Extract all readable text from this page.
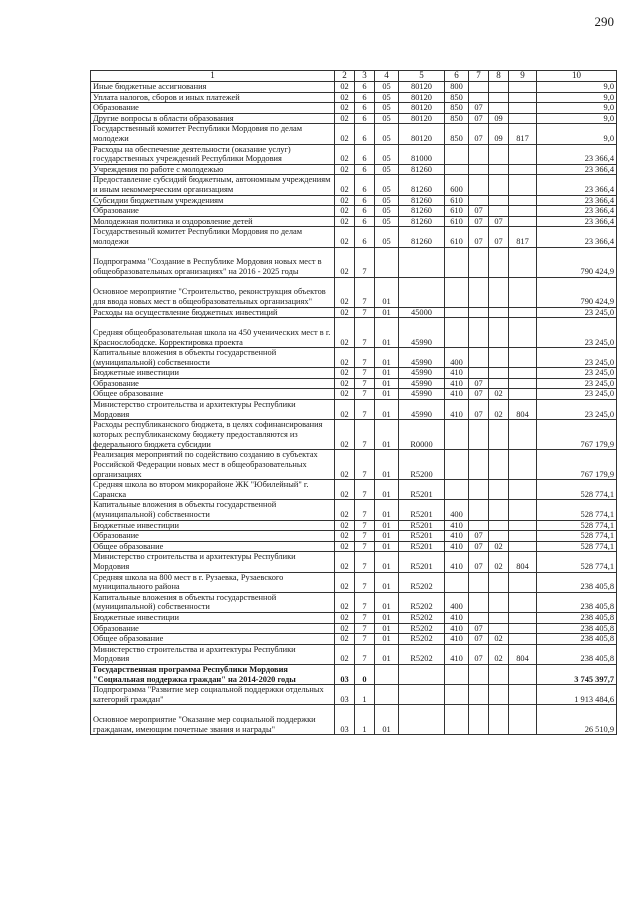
290
1	2	3	4	5	6	7	8	9	10
Иные бюджетные ассигнования	02	6	05	80120	800				9,0
Уплата налогов, сборов и иных платежей	02	6	05	80120	850				9,0
Образование	02	6	05	80120	850	07			9,0
Другие вопросы в области образования	02	6	05	80120	850	07	09		9,0
Государственный комитет Республики Мордовия по делам молодежи	02	6	05	80120	850	07	09	817	9,0
Расходы на обеспечение деятельности (оказание услуг) государственных учреждений Республики Мордовия	02	6	05	81000					23 366,4
Учреждения по работе с молодежью	02	6	05	81260					23 366,4
Предоставление субсидий бюджетным, автономным учреждениям и иным некоммерческим организациям	02	6	05	81260	600				23 366,4
Субсидии бюджетным учреждениям	02	6	05	81260	610				23 366,4
Образование	02	6	05	81260	610	07			23 366,4
Молодежная политика и оздоровление детей	02	6	05	81260	610	07	07		23 366,4
Государственный комитет Республики Мордовия по делам молодежи	02	6	05	81260	610	07	07	817	23 366,4
Подпрограмма "Создание в Республике Мордовия новых мест в общеобразовательных организациях" на 2016 - 2025 годы	02	7							790 424,9
Основное мероприятие "Строительство, реконструкция объектов для ввода новых мест в общеобразовательных организациях"	02	7	01						790 424,9
Расходы на осуществление бюджетных инвестиций	02	7	01	45000					23 245,0
Средняя общеобразовательная школа на 450 ученических мест в г. Краснослободске. Корректировка проекта	02	7	01	45990					23 245,0
Капитальные вложения в объекты государственной (муниципальной) собственности	02	7	01	45990	400				23 245,0
Бюджетные инвестиции	02	7	01	45990	410				23 245,0
Образование	02	7	01	45990	410	07			23 245,0
Общее образование	02	7	01	45990	410	07	02		23 245,0
Министерство строительства и архитектуры Республики Мордовия	02	7	01	45990	410	07	02	804	23 245,0
Расходы республиканского бюджета, в целях софинансирования которых республиканскому бюджету предоставляются из федерального бюджета субсидии	02	7	01	R0000					767 179,9
Реализация мероприятий по содействию созданию в субъектах Российской Федерации новых мест в общеобразовательных организациях	02	7	01	R5200					767 179,9
Средняя школа во втором микрорайоне ЖК "Юбилейный" г. Саранска	02	7	01	R5201					528 774,1
Капитальные вложения в объекты государственной (муниципальной) собственности	02	7	01	R5201	400				528 774,1
Бюджетные инвестиции	02	7	01	R5201	410				528 774,1
Образование	02	7	01	R5201	410	07			528 774,1
Общее образование	02	7	01	R5201	410	07	02		528 774,1
Министерство строительства и архитектуры Республики Мордовия	02	7	01	R5201	410	07	02	804	528 774,1
Средняя школа на 800 мест в г. Рузаевка, Рузаевского муниципального района	02	7	01	R5202					238 405,8
Капитальные вложения в объекты государственной (муниципальной) собственности	02	7	01	R5202	400				238 405,8
Бюджетные инвестиции	02	7	01	R5202	410				238 405,8
Образование	02	7	01	R5202	410	07			238 405,8
Общее образование	02	7	01	R5202	410	07	02		238 405,8
Министерство строительства и архитектуры Республики Мордовия	02	7	01	R5202	410	07	02	804	238 405,8
Государственная программа Республики Мордовия "Социальная поддержка граждан" на 2014-2020 годы	03	0							3 745 397,7
Подпрограмма "Развитие мер социальной поддержки отдельных категорий граждан"	03	1							1 913 484,6
Основное мероприятие "Оказание мер социальной поддержки гражданам, имеющим почетные звания и награды"	03	1	01						26 510,9
